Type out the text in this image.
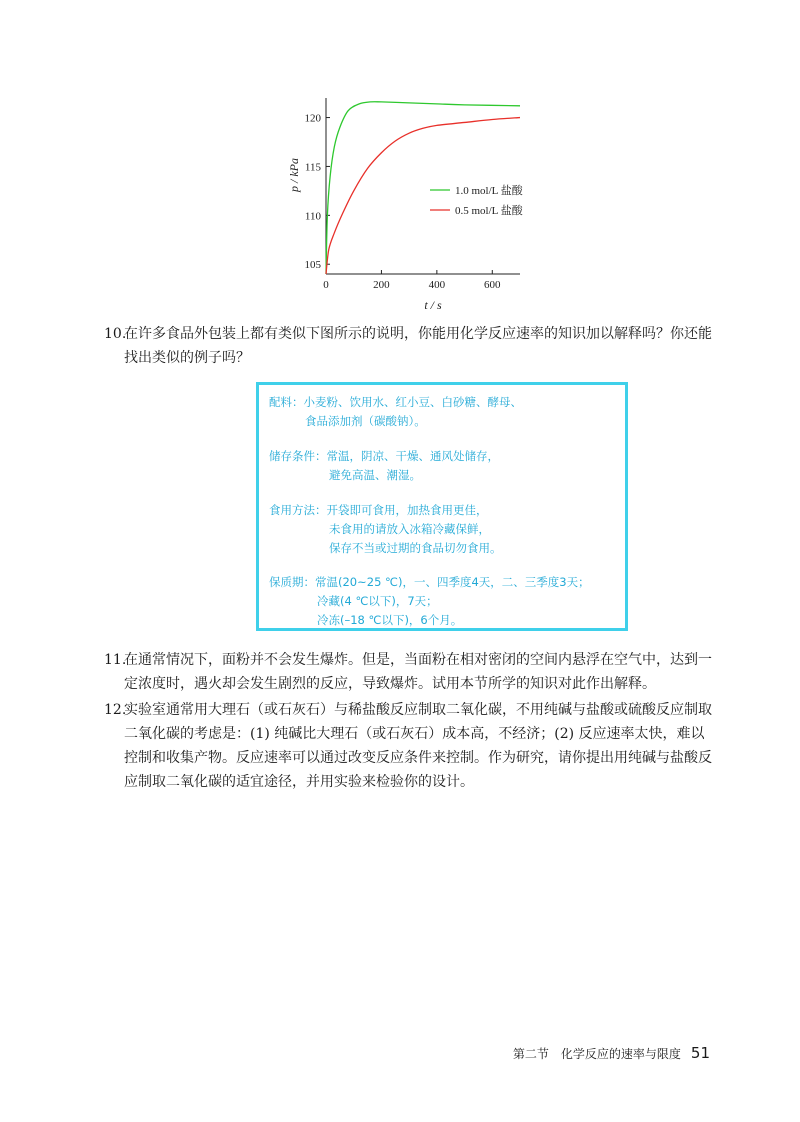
0	200	400	600
105
110
115
120
1.0 mol/L 盐酸
0.5 mol/L 盐酸
p / kPa
t / s
10.
在许多食品外包装上都有类似下图所示的说明，你能用化学反应速率的知识加以解释吗？你还能
找出类似的例子吗？
配料：小麦粉、饮用水、红小豆、白砂糖、酵母、
食品添加剂（碳酸钠）。
储存条件：常温，阴凉、干燥、通风处储存，
避免高温、潮湿。
食用方法：开袋即可食用，加热食用更佳，
未食用的请放入冰箱冷藏保鲜，
保存不当或过期的食品切勿食用。
保质期：常温(20~25 ℃)，一、四季度4天，二、三季度3天；
冷藏(4 ℃以下)，7天；
冷冻(–18 ℃以下)，6个月。
11.
在通常情况下，面粉并不会发生爆炸。但是，当面粉在相对密闭的空间内悬浮在空气中，达到一
定浓度时，遇火却会发生剧烈的反应，导致爆炸。试用本节所学的知识对此作出解释。
12.
实验室通常用大理石（或石灰石）与稀盐酸反应制取二氧化碳，不用纯碱与盐酸或硫酸反应制取
二氧化碳的考虑是：(1) 纯碱比大理石（或石灰石）成本高，不经济；(2) 反应速率太快，难以
控制和收集产物。反应速率可以通过改变反应条件来控制。作为研究，请你提出用纯碱与盐酸反
应制取二氧化碳的适宜途径，并用实验来检验你的设计。
第二节　化学反应的速率与限度 51
